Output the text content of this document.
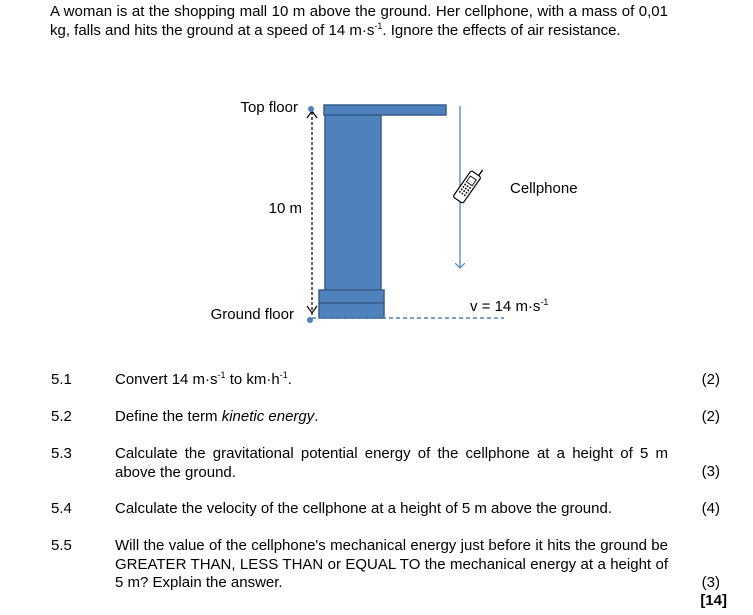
A woman is at the shopping mall 10 m above the ground. Her cellphone, with a mass of 0,01 kg, falls and hits the ground at a speed of 14 $m\cdot s^{-1}$. Ignore the effects of air resistance.

Top floor
10 m
Ground floor
Cellphone
v = 14 $m\cdot s^{-1}$
5.1	Convert 14 $m\cdot s^{-1}$ to $km\cdot h^{-1}$.	(2)
5.2	Define the term kinetic energy.	(2)
5.3	Calculate the gravitational potential energy of the cellphone at a height of 5 m above the ground.	(3)
5.4	Calculate the velocity of the cellphone at a height of 5 m above the ground.	(4)
5.5	Will the value of the cellphone's mechanical energy just before it hits the ground be GREATER THAN, LESS THAN or EQUAL TO the mechanical energy at a height of 5 m? Explain the answer.	(3)
[14]
